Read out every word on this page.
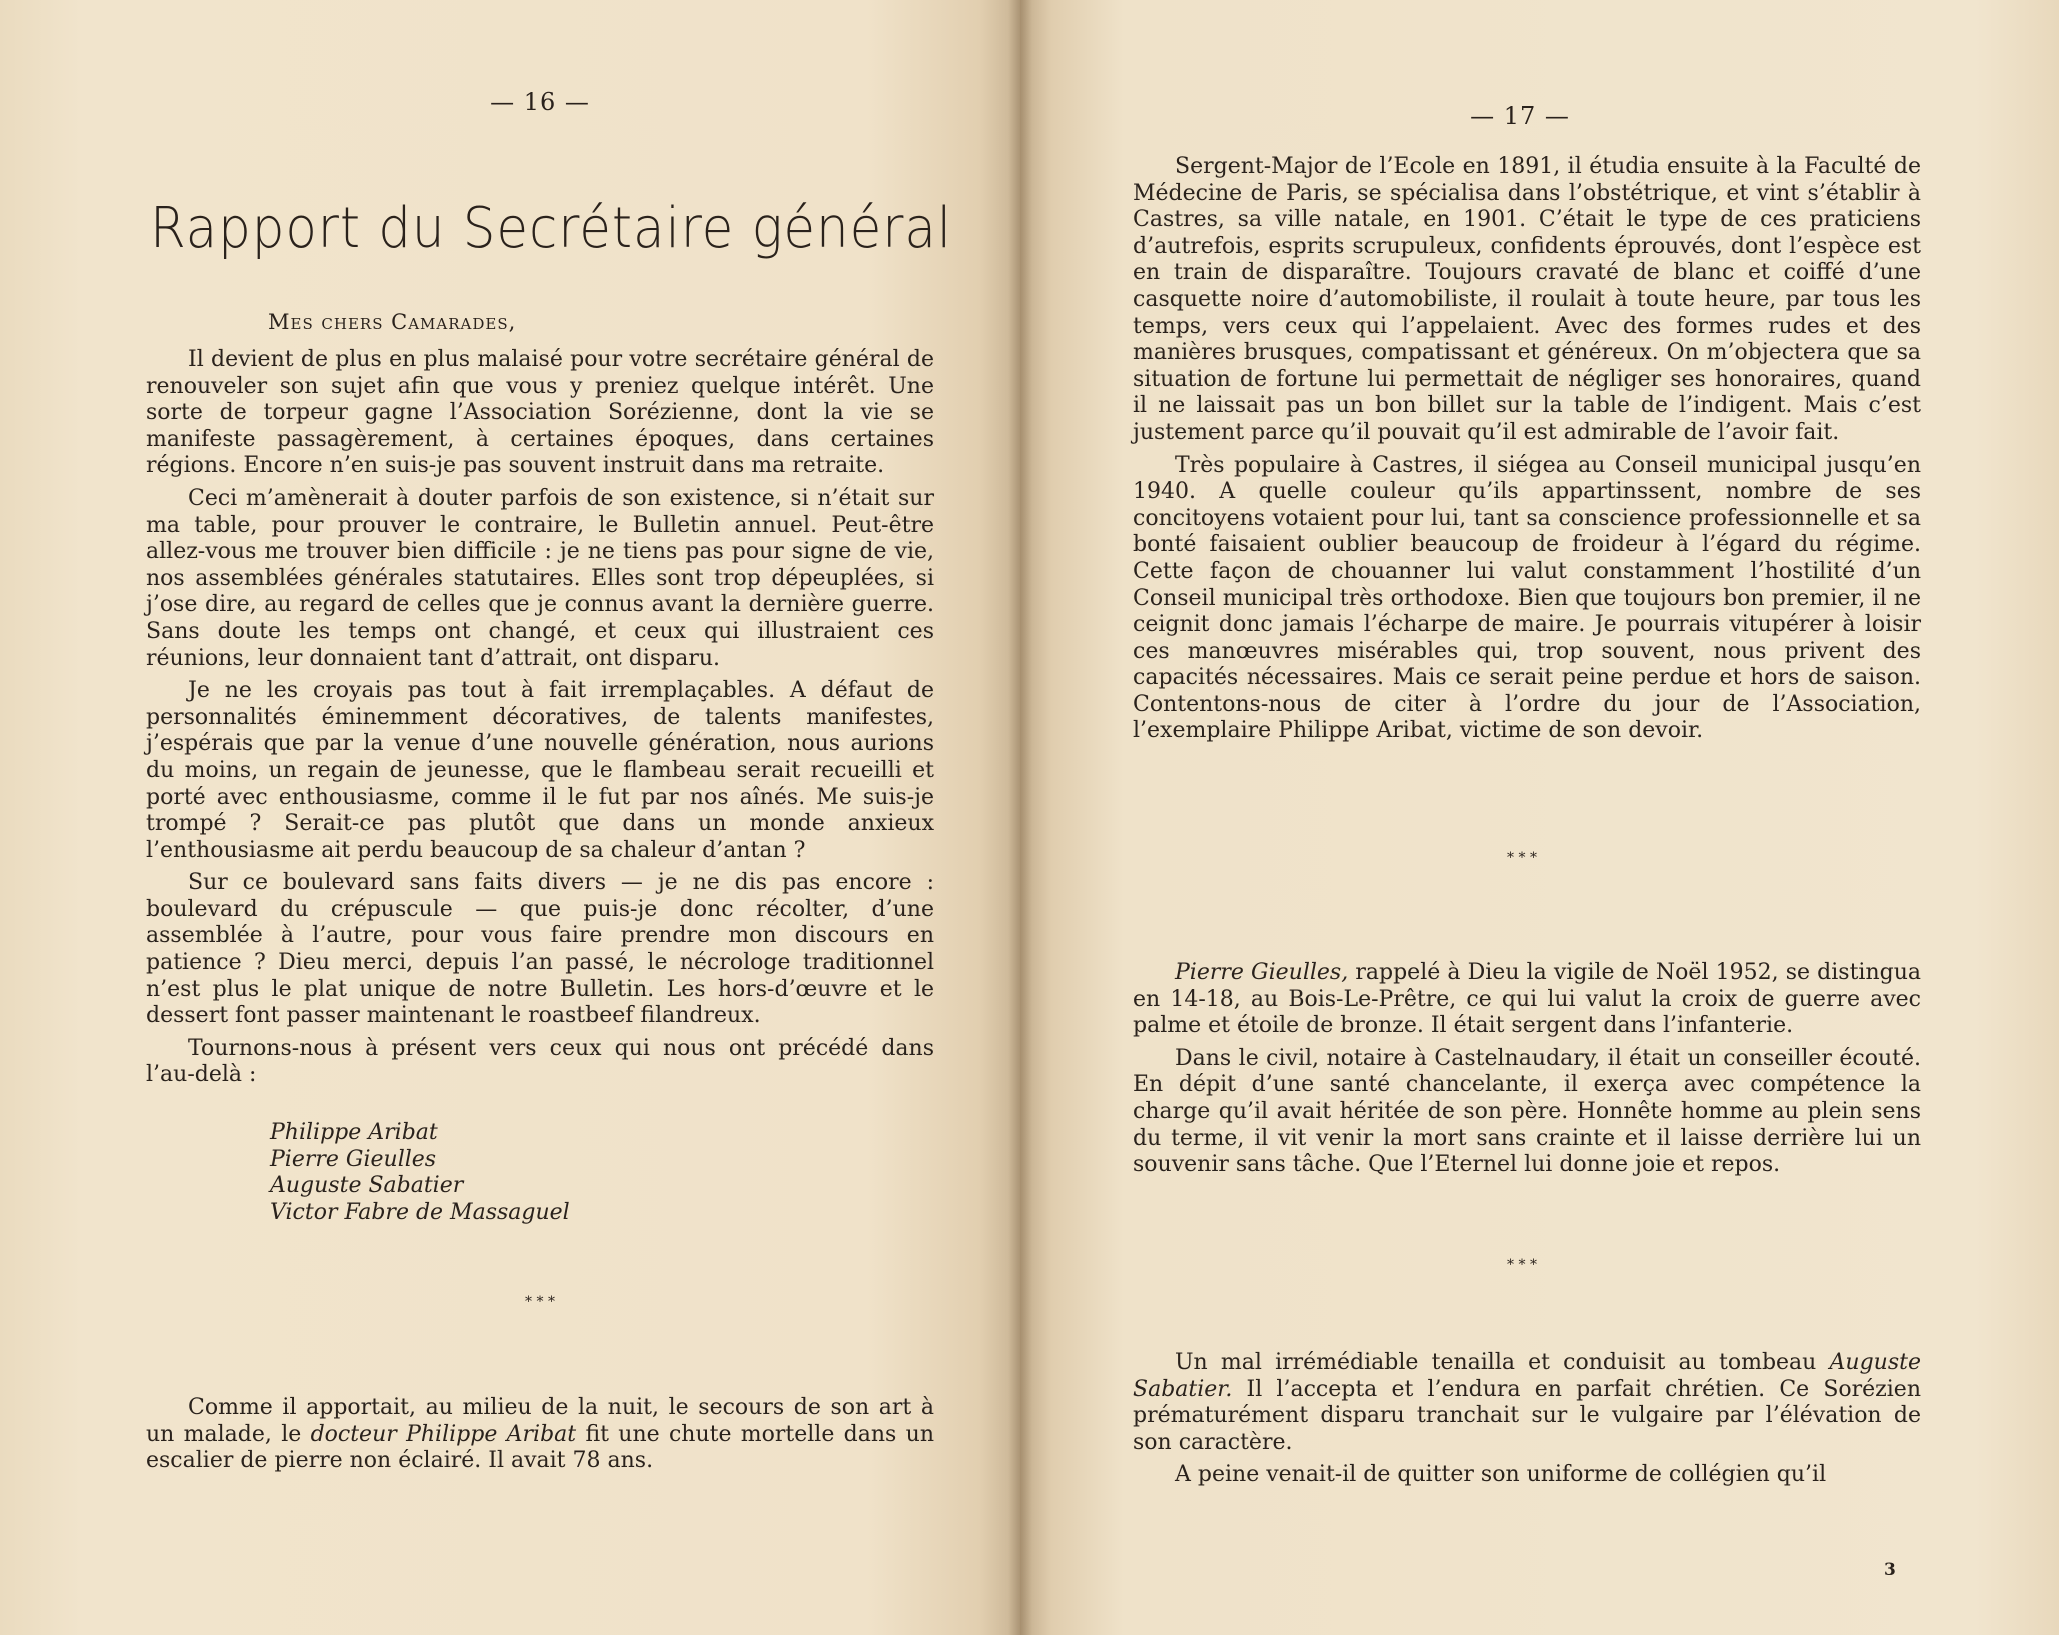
— 16 —
Rapport du Secrétaire général
Mes chers Camarades,

Il devient de plus en plus malaisé pour votre secrétaire général de renouveler son sujet afin que vous y preniez quelque intérêt. Une sorte de torpeur gagne l’Association Sorézienne, dont la vie se manifeste passagèrement, à certaines époques, dans certaines régions. Encore n’en suis-je pas souvent instruit dans ma retraite.

Ceci m’amènerait à douter parfois de son existence, si n’était sur ma table, pour prouver le contraire, le Bulletin annuel. Peut-être allez-vous me trouver bien difficile : je ne tiens pas pour signe de vie, nos assemblées générales statutaires. Elles sont trop dépeuplées, si j’ose dire, au regard de celles que je connus avant la dernière guerre. Sans doute les temps ont changé, et ceux qui illustraient ces réunions, leur donnaient tant d’attrait, ont disparu.

Je ne les croyais pas tout à fait irremplaçables. A défaut de personnalités éminemment décoratives, de talents manifestes, j’espérais que par la venue d’une nouvelle génération, nous aurions du moins, un regain de jeunesse, que le flambeau serait recueilli et porté avec enthousiasme, comme il le fut par nos aînés. Me suis-je trompé ? Serait-ce pas plutôt que dans un monde anxieux l’enthousiasme ait perdu beaucoup de sa chaleur d’antan ?

Sur ce boulevard sans faits divers — je ne dis pas encore : boulevard du crépuscule — que puis-je donc récolter, d’une assemblée à l’autre, pour vous faire prendre mon discours en patience ? Dieu merci, depuis l’an passé, le nécrologe traditionnel n’est plus le plat unique de notre Bulletin. Les hors-d’œuvre et le dessert font passer maintenant le roastbeef filandreux.

Tournons-nous à présent vers ceux qui nous ont précédé dans l’au-delà :

Philippe Aribat
Pierre Gieulles
Auguste Sabatier
Victor Fabre de Massaguel
* * *

Comme il apportait, au milieu de la nuit, le secours de son art à un malade, le docteur Philippe Aribat fit une chute mortelle dans un escalier de pierre non éclairé. Il avait 78 ans.

— 17 —

Sergent-Major de l’Ecole en 1891, il étudia ensuite à la Faculté de Médecine de Paris, se spécialisa dans l’obstétrique, et vint s’établir à Castres, sa ville natale, en 1901. C’était le type de ces praticiens d’autrefois, esprits scrupuleux, confidents éprouvés, dont l’espèce est en train de disparaître. Toujours cravaté de blanc et coiffé d’une casquette noire d’automobiliste, il roulait à toute heure, par tous les temps, vers ceux qui l’appelaient. Avec des formes rudes et des manières brusques, compatissant et généreux. On m’objectera que sa situation de fortune lui permettait de négliger ses honoraires, quand il ne laissait pas un bon billet sur la table de l’indigent. Mais c’est justement parce qu’il pouvait qu’il est admirable de l’avoir fait.

Très populaire à Castres, il siégea au Conseil municipal jusqu’en 1940. A quelle couleur qu’ils appartinssent, nombre de ses concitoyens votaient pour lui, tant sa conscience professionnelle et sa bonté faisaient oublier beaucoup de froideur à l’égard du régime. Cette façon de chouanner lui valut constamment l’hostilité d’un Conseil municipal très orthodoxe. Bien que toujours bon premier, il ne ceignit donc jamais l’écharpe de maire. Je pourrais vitupérer à loisir ces manœuvres misérables qui, trop souvent, nous privent des capacités nécessaires. Mais ce serait peine perdue et hors de saison. Contentons-nous de citer à l’ordre du jour de l’Association, l’exemplaire Philippe Aribat, victime de son devoir.

* * *

Pierre Gieulles, rappelé à Dieu la vigile de Noël 1952, se distingua en 14-18, au Bois-Le-Prêtre, ce qui lui valut la croix de guerre avec palme et étoile de bronze. Il était sergent dans l’infanterie.

Dans le civil, notaire à Castelnaudary, il était un conseiller écouté. En dépit d’une santé chancelante, il exerça avec compétence la charge qu’il avait héritée de son père. Honnête homme au plein sens du terme, il vit venir la mort sans crainte et il laisse derrière lui un souvenir sans tâche. Que l’Eternel lui donne joie et repos.

* * *

Un mal irrémédiable tenailla et conduisit au tombeau Auguste Sabatier. Il l’accepta et l’endura en parfait chrétien. Ce Sorézien prématurément disparu tranchait sur le vulgaire par l’élévation de son caractère.

A peine venait-il de quitter son uniforme de collégien qu’il

3
